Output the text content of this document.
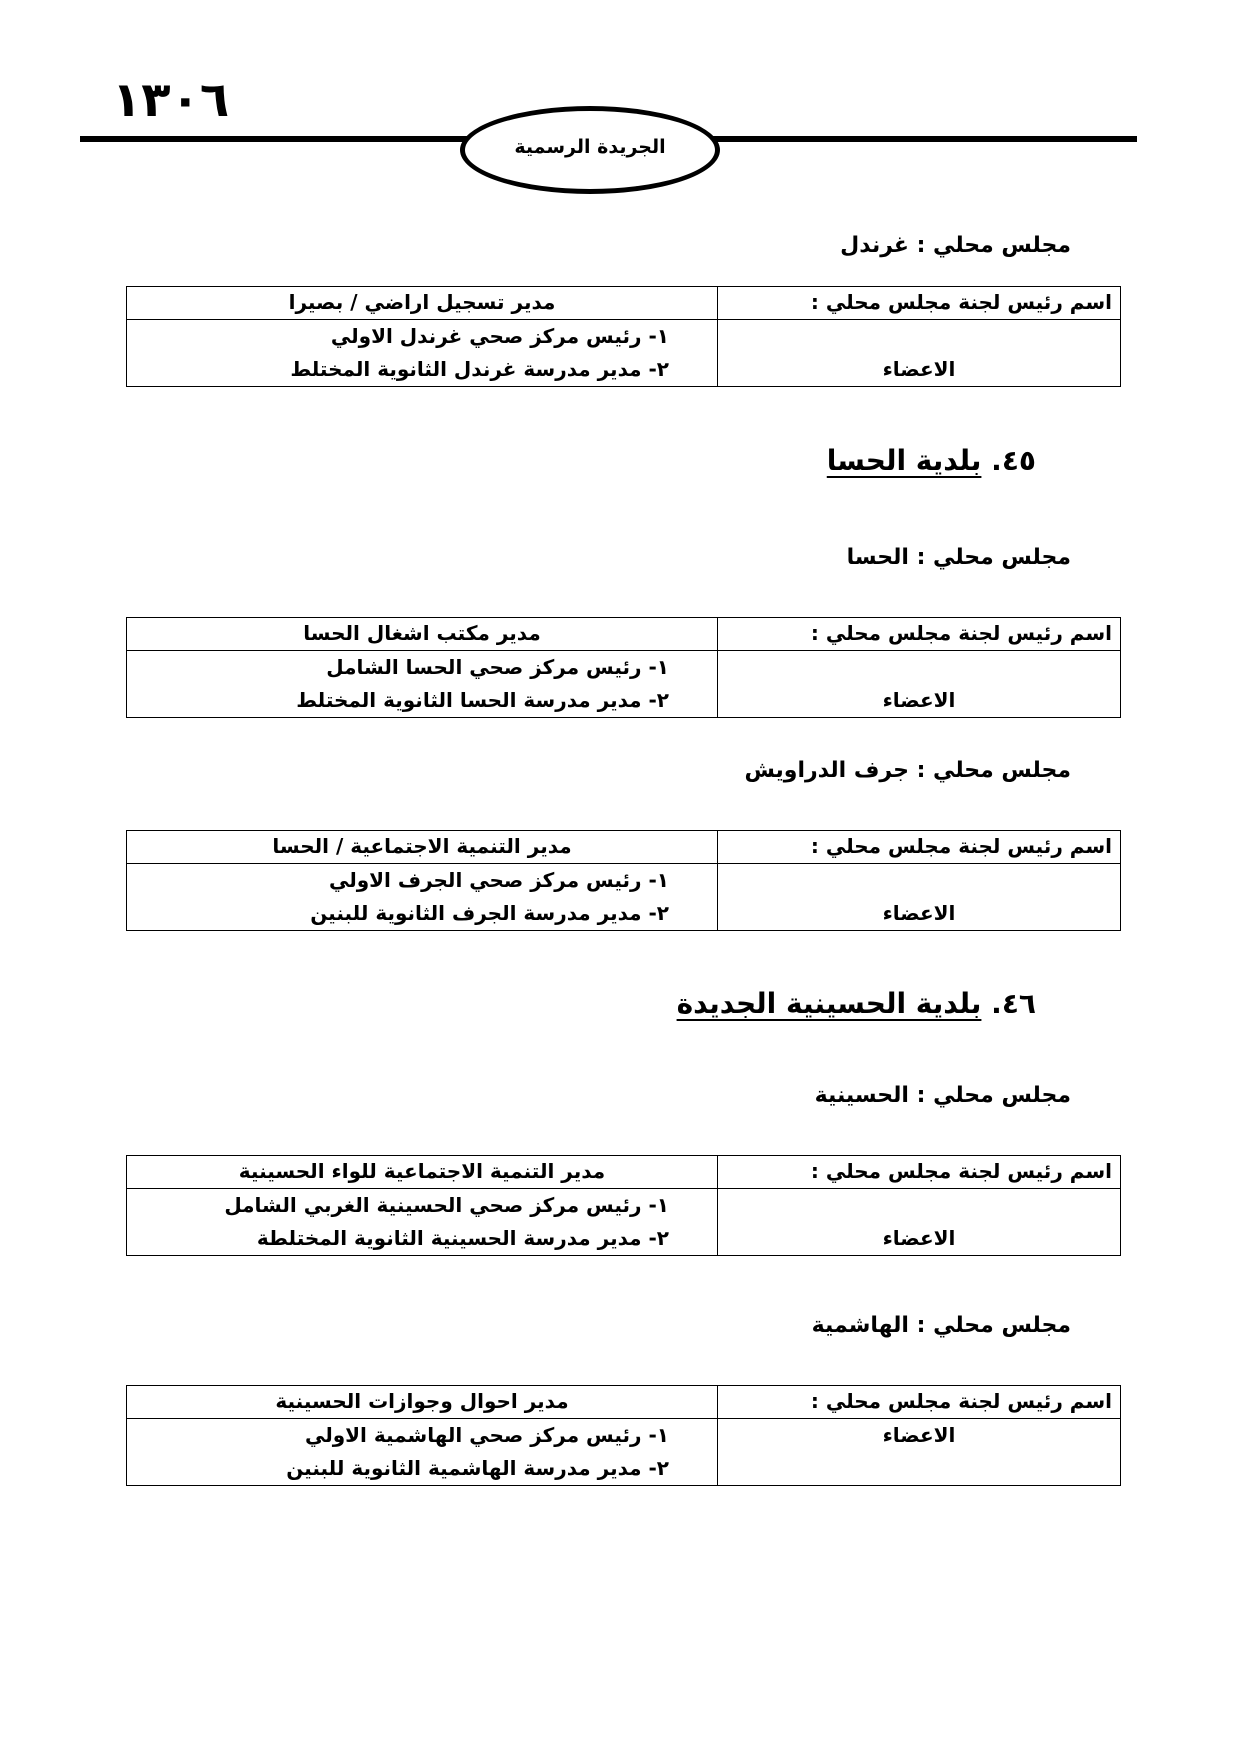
١٣٠٦
الجريدة الرسمية
مجلس محلي : غرندل
اسم رئيس لجنة مجلس محلي :	مدير تسجيل اراضي / بصيرا
الاعضاء	١- رئيس مركز صحي غرندل الاولي
٢- مدير مدرسة غرندل الثانوية المختلط
٤٥. بلدية الحسا
مجلس محلي : الحسا
اسم رئيس لجنة مجلس محلي :	مدير مكتب اشغال الحسا
الاعضاء	١- رئيس مركز صحي الحسا الشامل
٢- مدير مدرسة الحسا الثانوية المختلط
مجلس محلي : جرف الدراويش
اسم رئيس لجنة مجلس محلي :	مدير التنمية الاجتماعية / الحسا
الاعضاء	١- رئيس مركز صحي الجرف الاولي
٢- مدير مدرسة الجرف الثانوية للبنين
٤٦. بلدية الحسينية الجديدة
مجلس محلي : الحسينية
اسم رئيس لجنة مجلس محلي :	مدير التنمية الاجتماعية للواء الحسينية
الاعضاء	١- رئيس مركز صحي الحسينية الغربي الشامل
٢- مدير مدرسة الحسينية الثانوية المختلطة
مجلس محلي : الهاشمية
اسم رئيس لجنة مجلس محلي :	مدير احوال وجوازات الحسينية
الاعضاء	١- رئيس مركز صحي الهاشمية الاولي
٢- مدير مدرسة الهاشمية الثانوية للبنين
